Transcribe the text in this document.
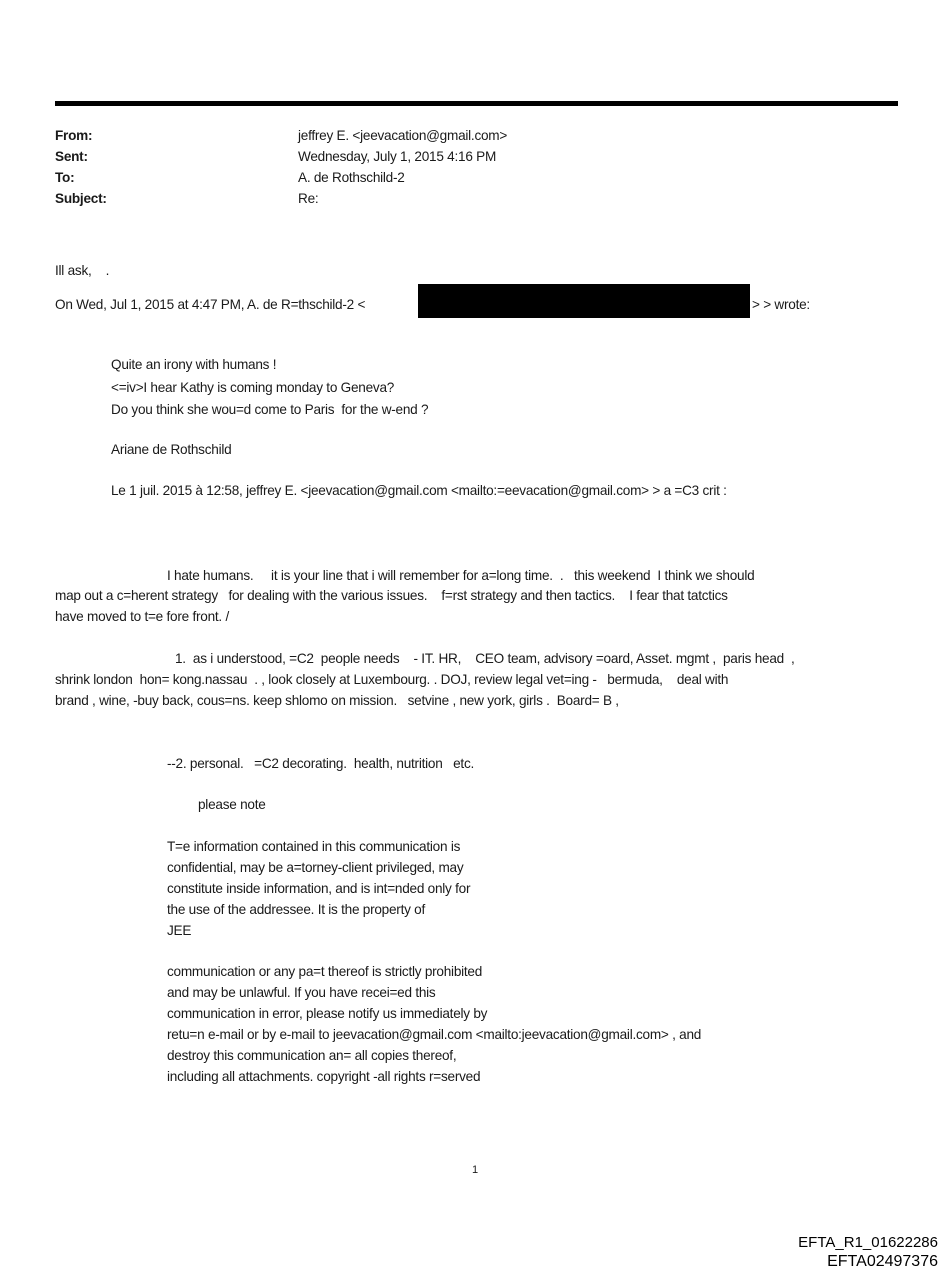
From:	jeffrey E. <jeevacation@gmail.com>
Sent:	Wednesday, July 1, 2015 4:16 PM
To:	A. de Rothschild-2
Subject:	Re:
Ill ask,    .
On Wed, Jul 1, 2015 at 4:47 PM, A. de R=thschild-2 <	> > wrote:
Quite an irony with humans !
<=iv>I hear Kathy is coming monday to Geneva?
Do you think she wou=d come to Paris  for the w-end ?
Ariane de Rothschild
Le 1 juil. 2015 à 12:58, jeffrey E. <jeevacation@gmail.com <mailto:=eevacation@gmail.com> > a =C3 crit :
I hate humans.     it is your line that i will remember for a=long time.  .   this weekend  I think we should
map out a c=herent strategy   for dealing with the various issues.    f=rst strategy and then tactics.    I fear that tatctics
have moved to t=e fore front. /
1.  as i understood, =C2  people needs    - IT. HR,    CEO team, advisory =oard, Asset. mgmt ,  paris head  ,
shrink london  hon= kong.nassau  . , look closely at Luxembourg. . DOJ, review legal vet=ing -   bermuda,    deal with
brand , wine, -buy back, cous=ns. keep shlomo on mission.   setvine , new york, girls .  Board= B ,
--2. personal.   =C2 decorating.  health, nutrition   etc.
please note
T=e information contained in this communication is
confidential, may be a=torney-client privileged, may
constitute inside information, and is int=nded only for
the use of the addressee. It is the property of
JEE
communication or any pa=t thereof is strictly prohibited
and may be unlawful. If you have recei=ed this
communication in error, please notify us immediately by
retu=n e-mail or by e-mail to jeevacation@gmail.com <mailto:jeevacation@gmail.com> , and
destroy this communication an= all copies thereof,
including all attachments. copyright -all rights r=served
1
EFTA_R1_01622286
EFTA02497376
